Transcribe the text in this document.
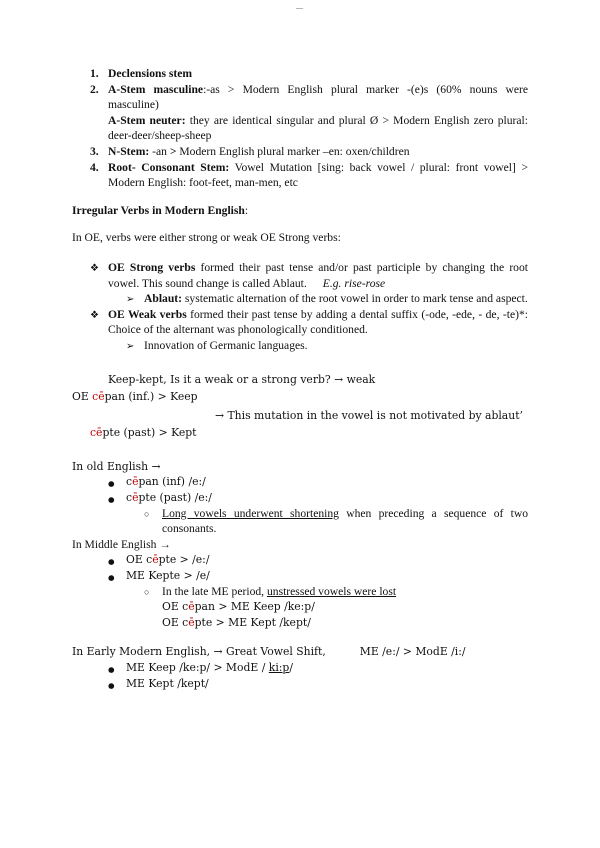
—
1. Declensions stem
2. A-Stem masculine:-as > Modern English plural marker -(e)s (60% nouns were masculine)
A-Stem neuter: they are identical singular and plural Ø > Modern English zero plural: deer-deer/sheep-sheep
3. N-Stem: -an > Modern English plural marker –en: oxen/children
4. Root- Consonant Stem: Vowel Mutation [sing: back vowel / plural: front vowel] > Modern English: foot-feet, man-men, etc
Irregular Verbs in Modern English:
In OE, verbs were either strong or weak OE Strong verbs:
❖ OE Strong verbs formed their past tense and/or past participle by changing the root vowel. This sound change is called Ablaut. E.g. rise-rose
➢ Ablaut: systematic alternation of the root vowel in order to mark tense and aspect.
❖ OE Weak verbs formed their past tense by adding a dental suffix (-ode, -ede, - de, -te)*: Choice of the alternant was phonologically conditioned.
➢ Innovation of Germanic languages.
Keep-kept, Is it a weak or a strong verb? → weak
OE cēpan (inf.) > Keep
→ This mutation in the vowel is not motivated by ablaut’
cēpte (past) > Kept
In old English →
● cēpan (inf) /e:/
● cēpte (past) /e:/
○ Long vowels underwent shortening when preceding a sequence of two consonants.
In Middle English →
● OE cēpte > /e:/
● ME Kepte > /e/
○ In the late ME period, unstressed vowels were lost
OE cēpan > ME Keep /ke:p/
OE cēpte > ME Kept /kept/
In Early Modern English, → Great Vowel Shift,	ME /e:/ > ModE /i:/
● ME Keep /ke:p/ > ModE / ki:p/
● ME Kept /kept/
